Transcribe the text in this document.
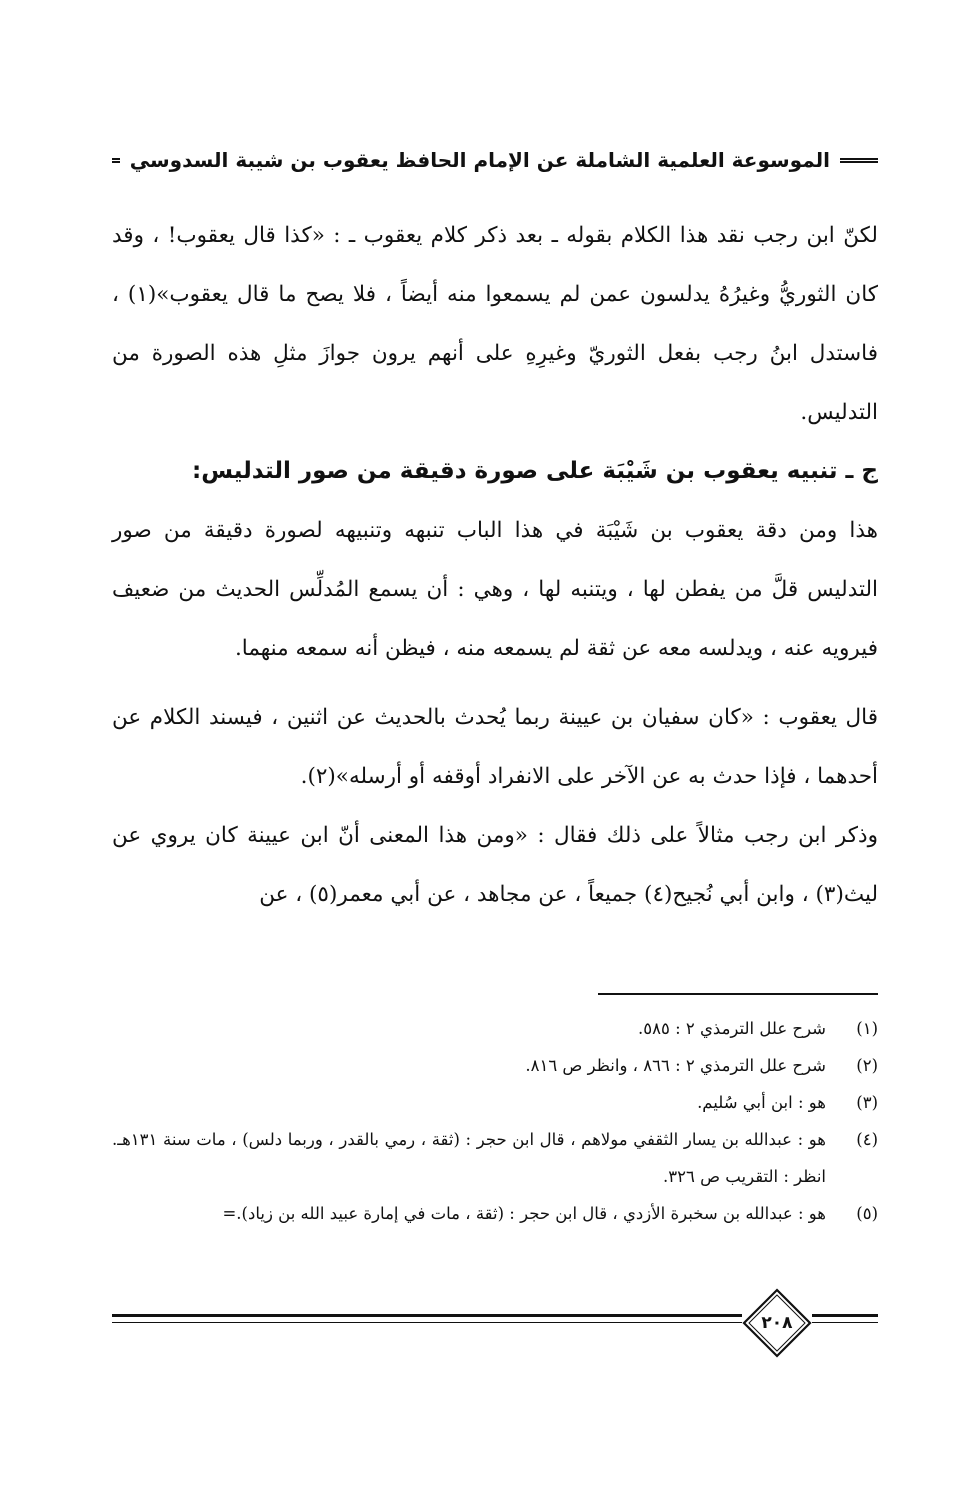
الموسوعة العلمية الشاملة عن الإمام الحافظ يعقوب بن شيبة السدوسي

لكنّ ابن رجب نقد هذا الكلام بقوله ـ بعد ذكر كلام يعقوب ـ : «كذا قال يعقوب! ، وقد كان الثوريُّ وغيرُهُ يدلسون عمن لم يسمعوا منه أيضاً ، فلا يصح ما قال يعقوب»(١) ، فاستدل ابنُ رجب بفعل الثوريّ وغيرِهِ على أنهم يرون جوازَ مثلِ هذه الصورة من التدليس.

ج ـ تنبيه يعقوب بن شَيْبَة على صورة دقيقة من صور التدليس:

هذا ومن دقة يعقوب بن شَيْبَة في هذا الباب تنبهه وتنبيهه لصورة دقيقة من صور التدليس قلَّ من يفطن لها ، ويتنبه لها ، وهي : أن يسمع المُدلِّس الحديث من ضعيف فيرويه عنه ، ويدلسه معه عن ثقة لم يسمعه منه ، فيظن أنه سمعه منهما.

قال يعقوب : «كان سفيان بن عيينة ربما يُحدث بالحديث عن اثنين ، فيسند الكلام عن أحدهما ، فإذا حدث به عن الآخر على الانفراد أوقفه أو أرسله»(٢).

وذكر ابن رجب مثالاً على ذلك فقال : «ومن هذا المعنى أنّ ابن عيينة كان يروي عن ليث(٣) ، وابن أبي نُجيح(٤) جميعاً ، عن مجاهد ، عن أبي معمر(٥) ، عن

(١)
شرح علل الترمذي ٢ : ٥٨٥.
(٢)
شرح علل الترمذي ٢ : ٨٦٦ ، وانظر ص ٨١٦.
(٣)
هو : ابن أبي سُليم.
(٤)
هو : عبدالله بن يسار الثقفي مولاهم ، قال ابن حجر : (ثقة ، رمي بالقدر ، وربما دلس) ، مات سنة ١٣١هـ. انظر : التقريب ص ٣٢٦.
(٥)
هو : عبدالله بن سخبرة الأزدي ، قال ابن حجر : (ثقة ، مات في إمارة عبيد الله بن زياد).=
٢٠٨
